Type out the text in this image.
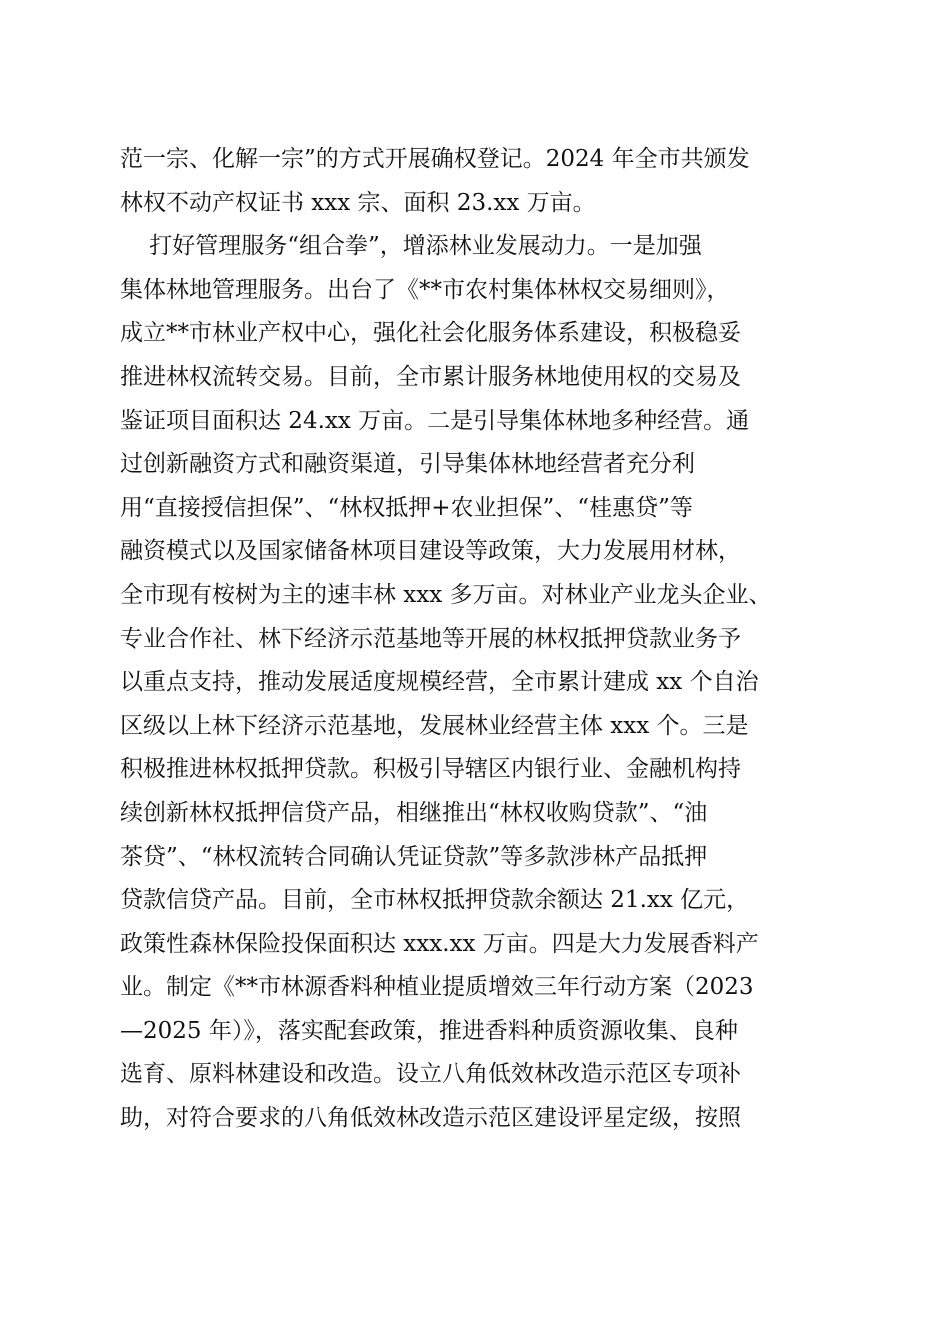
范一宗、化解一宗”的方式开展确权登记。2024 年全市共颁发
林权不动产权证书 xxx 宗、面积 23.xx 万亩。
打好管理服务“组合拳”，增添林业发展动力。一是加强
集体林地管理服务。出台了《**市农村集体林权交易细则》，
成立**市林业产权中心，强化社会化服务体系建设，积极稳妥
推进林权流转交易。目前，全市累计服务林地使用权的交易及
鉴证项目面积达 24.xx 万亩。二是引导集体林地多种经营。通
过创新融资方式和融资渠道，引导集体林地经营者充分利
用“直接授信担保”、“林权抵押+农业担保”、“桂惠贷”等
融资模式以及国家储备林项目建设等政策，大力发展用材林，
全市现有桉树为主的速丰林 xxx 多万亩。对林业产业龙头企业、
专业合作社、林下经济示范基地等开展的林权抵押贷款业务予
以重点支持，推动发展适度规模经营，全市累计建成 xx 个自治
区级以上林下经济示范基地，发展林业经营主体 xxx 个。三是
积极推进林权抵押贷款。积极引导辖区内银行业、金融机构持
续创新林权抵押信贷产品，相继推出“林权收购贷款”、“油
茶贷”、“林权流转合同确认凭证贷款”等多款涉林产品抵押
贷款信贷产品。目前，全市林权抵押贷款余额达 21.xx 亿元，
政策性森林保险投保面积达 xxx.xx 万亩。四是大力发展香料产
业。制定《**市林源香料种植业提质增效三年行动方案（2023
—2025 年）》，落实配套政策，推进香料种质资源收集、良种
选育、原料林建设和改造。设立八角低效林改造示范区专项补
助，对符合要求的八角低效林改造示范区建设评星定级，按照
